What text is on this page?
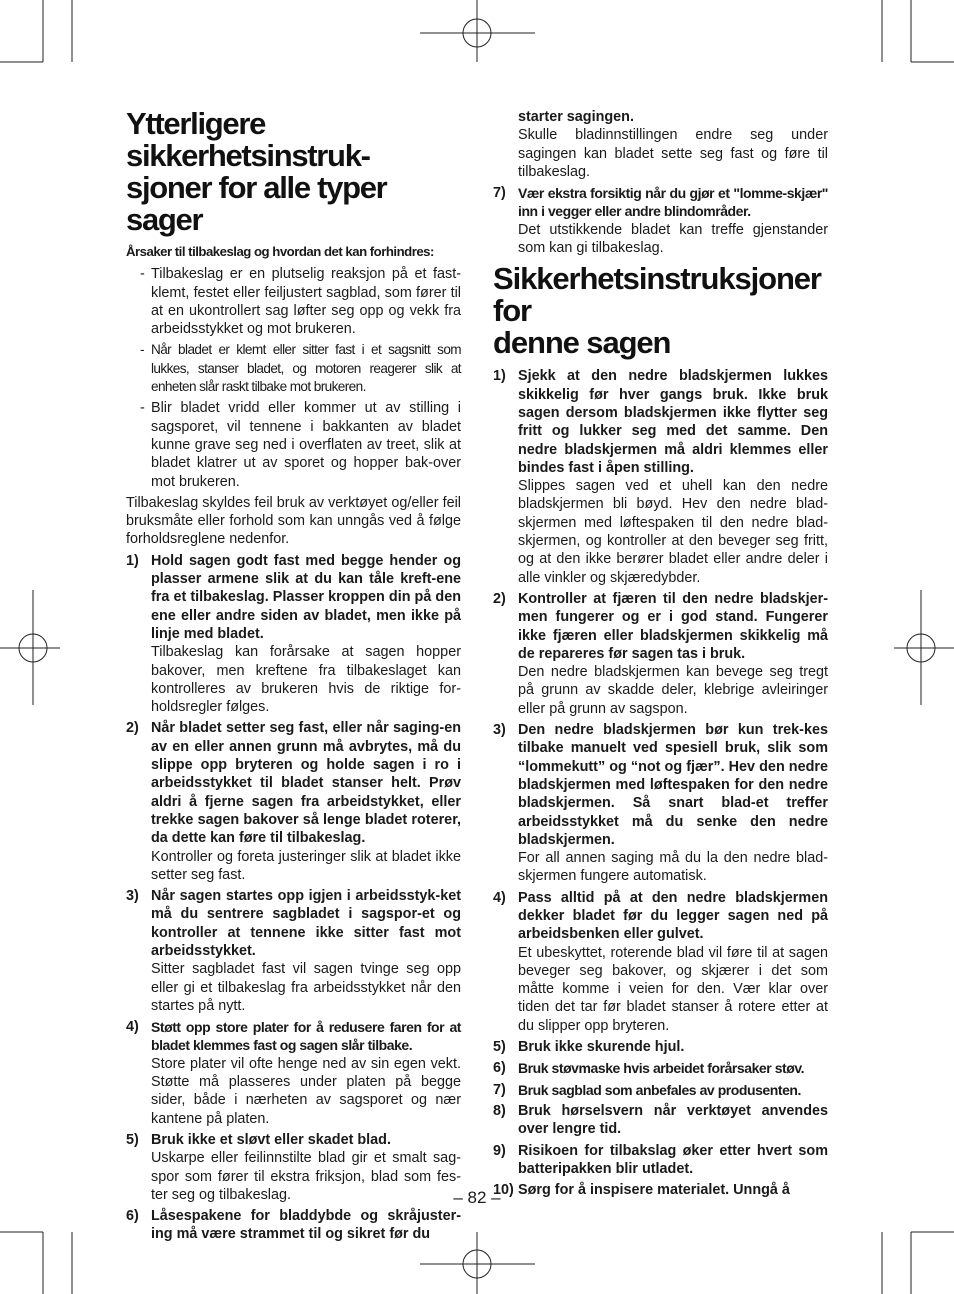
Ytterligere sikkerhetsinstruk-
sjoner for alle typer sager
Årsaker til tilbakeslag og hvordan det kan forhindres:
- Tilbakeslag er en plutselig reaksjon på et fast-klemt, festet eller feiljustert sagblad, som fører til at en ukontrollert sag løfter seg opp og vekk fra arbeidsstykket og mot brukeren.
- Når bladet er klemt eller sitter fast i et sagsnitt som lukkes, stanser bladet, og motoren reagerer slik at enheten slår raskt tilbake mot brukeren.
- Blir bladet vridd eller kommer ut av stilling i sagsporet, vil tennene i bakkanten av bladet kunne grave seg ned i overflaten av treet, slik at bladet klatrer ut av sporet og hopper bak-over mot brukeren.

Tilbakeslag skyldes feil bruk av verktøyet og/eller feil bruksmåte eller forhold som kan unngås ved å følge forholdsreglene nedenfor.

1) Hold sagen godt fast med begge hender og plasser armene slik at du kan tåle kreft-ene fra et tilbakeslag. Plasser kroppen din på den ene eller andre siden av bladet, men ikke på linje med bladet.
Tilbakeslag kan forårsake at sagen hopper bakover, men kreftene fra tilbakeslaget kan kontrolleres av brukeren hvis de riktige for-holdsregler følges.
2) Når bladet setter seg fast, eller når saging-en av en eller annen grunn må avbrytes, må du slippe opp bryteren og holde sagen i ro i arbeidsstykket til bladet stanser helt. Prøv aldri å fjerne sagen fra arbeidstykket, eller trekke sagen bakover så lenge bladet roterer, da dette kan føre til tilbakeslag.
Kontroller og foreta justeringer slik at bladet ikke setter seg fast.
3) Når sagen startes opp igjen i arbeidsstyk-ket må du sentrere sagbladet i sagspor-et og kontroller at tennene ikke sitter fast mot arbeidsstykket.
Sitter sagbladet fast vil sagen tvinge seg opp eller gi et tilbakeslag fra arbeidsstykket når den startes på nytt.
4) Støtt opp store plater for å redusere faren for at bladet klemmes fast og sagen slår tilbake.
Store plater vil ofte henge ned av sin egen vekt. Støtte må plasseres under platen på begge sider, både i nærheten av sagsporet og nær kantene på platen.
5) Bruk ikke et sløvt eller skadet blad.
Uskarpe eller feilinnstilte blad gir et smalt sag-spor som fører til ekstra friksjon, blad som fes-ter seg og tilbakeslag.
6) Låsespakene for bladdybde og skråjuster-ing må være strammet til og sikret før du
starter sagingen.
Skulle bladinnstillingen endre seg under sagingen kan bladet sette seg fast og føre til tilbakeslag.
7) Vær ekstra forsiktig når du gjør et "lomme-skjær" inn i vegger eller andre blindområder.
Det utstikkende bladet kan treffe gjenstander som kan gi tilbakeslag.
Sikkerhetsinstruksjoner for
denne sagen
1) Sjekk at den nedre bladskjermen lukkes skikkelig før hver gangs bruk. Ikke bruk sagen dersom bladskjermen ikke flytter seg fritt og lukker seg med det samme. Den nedre bladskjermen må aldri klemmes eller bindes fast i åpen stilling.
Slippes sagen ved et uhell kan den nedre bladskjermen bli bøyd. Hev den nedre blad-skjermen med løftespaken til den nedre blad-skjermen, og kontroller at den beveger seg fritt, og at den ikke berører bladet eller andre deler i alle vinkler og skjæredybder.
2) Kontroller at fjæren til den nedre bladskjer-men fungerer og er i god stand. Fungerer ikke fjæren eller bladskjermen skikkelig må de repareres før sagen tas i bruk.
Den nedre bladskjermen kan bevege seg tregt på grunn av skadde deler, klebrige avleiringer eller på grunn av sagspon.
3) Den nedre bladskjermen bør kun trek-kes tilbake manuelt ved spesiell bruk, slik som “lommekutt” og “not og fjær”. Hev den nedre bladskjermen med løftespaken for den nedre bladskjermen. Så snart blad-et treffer arbeidsstykket må du senke den nedre bladskjermen.
For all annen saging må du la den nedre blad-skjermen fungere automatisk.
4) Pass alltid på at den nedre bladskjermen dekker bladet før du legger sagen ned på arbeidsbenken eller gulvet.
Et ubeskyttet, roterende blad vil føre til at sagen beveger seg bakover, og skjærer i det som måtte komme i veien for den. Vær klar over tiden det tar før bladet stanser å rotere etter at du slipper opp bryteren.
5) Bruk ikke skurende hjul.
6) Bruk støvmaske hvis arbeidet forårsaker støv.
7) Bruk sagblad som anbefales av produsenten.
8) Bruk hørselsvern når verktøyet anvendes over lengre tid.
9) Risikoen for tilbakslag øker etter hvert som batteripakken blir utladet.
10) Sørg for å inspisere materialet. Unngå å
– 82 –
